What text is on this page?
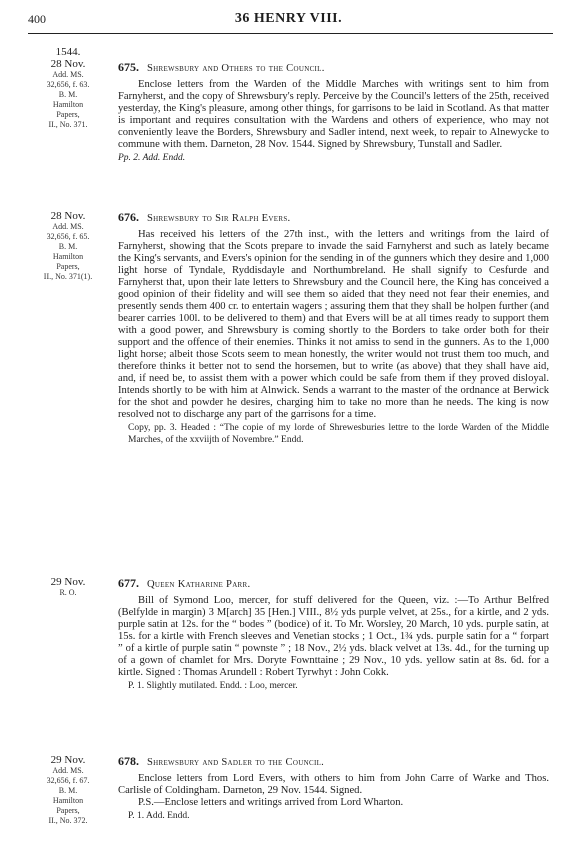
400	36 HENRY VIII.
1544.
28 Nov.
Add. MS.
32,656, f. 63.
B. M.
Hamilton
Papers,
II., No. 371.
675. Shrewsbury and Others to the Council.

Enclose letters from the Warden of the Middle Marches with writings sent to him from Farnyherst, and the copy of Shrewsbury's reply. Perceive by the Council's letters of the 25th, received yesterday, the King's pleasure, among other things, for garrisons to be laid in Scotland. As that matter is important and requires consultation with the Wardens and others of experience, who may not conveniently leave the Borders, Shrewsbury and Sadler intend, next week, to repair to Alnewycke to commune with them. Darneton, 28 Nov. 1544. Signed by Shrewsbury, Tunstall and Sadler.

Pp. 2. Add. Endd.

28 Nov.
Add. MS.
32,656, f. 65.
B. M.
Hamilton
Papers,
II., No. 371(1).
676. Shrewsbury to Sir Ralph Evers.

Has received his letters of the 27th inst., with the letters and writings from the laird of Farnyherst, showing that the Scots prepare to invade the said Farnyherst and such as lately became the King's servants, and Evers's opinion for the sending in of the gunners which they desire and 1,000 light horse of Tyndale, Ryddisdayle and Northumbreland. He shall signify to Cesfurde and Farnyherst that, upon their late letters to Shrewsbury and the Council here, the King has conceived a good opinion of their fidelity and will see them so aided that they need not fear their enemies, and presently sends them 400 cr. to entertain wagers ; assuring them that they shall be holpen further (and bearer carries 100l. to be delivered to them) and that Evers will be at all times ready to support them with a good power, and Shrewsbury is coming shortly to the Borders to take order both for their support and the offence of their enemies. Thinks it not amiss to send in the gunners. As to the 1,000 light horse; albeit those Scots seem to mean honestly, the writer would not trust them too much, and therefore thinks it better not to send the horsemen, but to write (as above) that they shall have aid, and, if need be, to assist them with a power which could be safe from them if they proved disloyal. Intends shortly to be with him at Alnwick. Sends a warrant to the master of the ordnance at Berwick for the shot and powder he desires, charging him to take no more than he needs. The king is now resolved not to discharge any part of the garrisons for a time.

Copy, pp. 3. Headed : “The copie of my lorde of Shrewesburies lettre to the lorde Warden of the Middle Marches, of the xxviijth of Novembre.” Endd.

29 Nov.
R. O.
677. Queen Katharine Parr.

Bill of Symond Loo, mercer, for stuff delivered for the Queen, viz. :—To Arthur Belfred (Belfylde in margin) 3 M[arch] 35 [Hen.] VIII., 8½ yds purple velvet, at 25s., for a kirtle, and 2 yds. purple satin at 12s. for the “ bodes ” (bodice) of it. To Mr. Worsley, 20 March, 10 yds. purple satin, at 15s. for a kirtle with French sleeves and Venetian stocks ; 1 Oct., 1¾ yds. purple satin for a “ forpart ” of a kirtle of purple satin “ pownste ” ; 18 Nov., 2½ yds. black velvet at 13s. 4d., for the turning up of a gown of chamlet for Mrs. Doryte Fownttaine ; 29 Nov., 10 yds. yellow satin at 8s. 6d. for a kirtle. Signed : Thomas Arundell : Robert Tyrwhyt : John Cokk.

P. 1. Slightly mutilated. Endd. : Loo, mercer.

29 Nov.
Add. MS.
32,656, f. 67.
B. M.
Hamilton
Papers,
II., No. 372.
678. Shrewsbury and Sadler to the Council.

Enclose letters from Lord Evers, with others to him from John Carre of Warke and Thos. Carlisle of Coldingham. Darneton, 29 Nov. 1544. Signed.

P.S.—Enclose letters and writings arrived from Lord Wharton.

P. 1. Add. Endd.
